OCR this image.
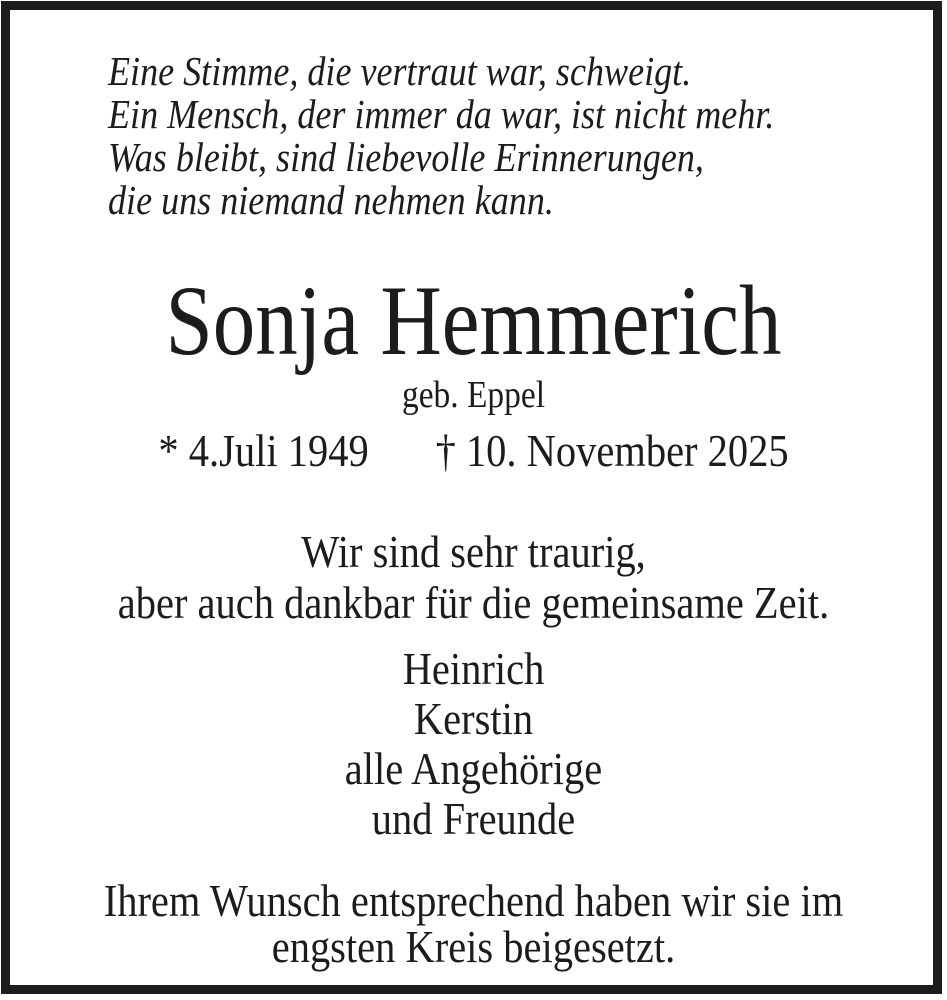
Eine Stimme, die vertraut war, schweigt.
Ein Mensch, der immer da war, ist nicht mehr.
Was bleibt, sind liebevolle Erinnerungen,
die uns niemand nehmen kann.
Sonja Hemmerich
geb. Eppel
* 4.Juli 1949 † 10. November 2025
Wir sind sehr traurig,
aber auch dankbar für die gemeinsame Zeit.
Heinrich
Kerstin
alle Angehörige
und Freunde
Ihrem Wunsch entsprechend haben wir sie im
engsten Kreis beigesetzt.
